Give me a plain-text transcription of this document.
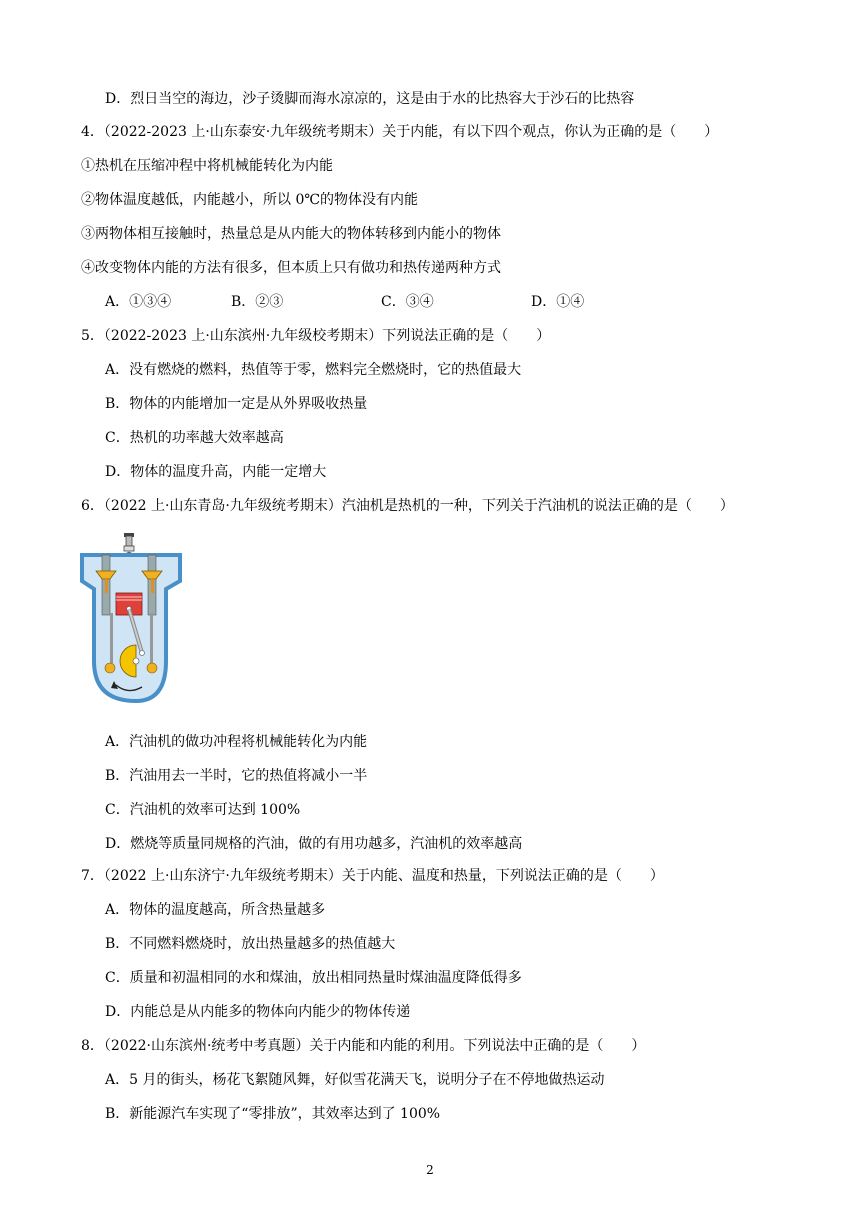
D．烈日当空的海边，沙子烫脚而海水凉凉的，这是由于水的比热容大于沙石的比热容
4．（2022-2023 上·山东泰安·九年级统考期末）关于内能，有以下四个观点，你认为正确的是（　　）
①热机在压缩冲程中将机械能转化为内能
②物体温度越低，内能越小，所以 0℃的物体没有内能
③两物体相互接触时，热量总是从内能大的物体转移到内能小的物体
④改变物体内能的方法有很多，但本质上只有做功和热传递两种方式
A．①③④	B．②③	C．③④	D．①④
5．（2022-2023 上·山东滨州·九年级校考期末）下列说法正确的是（　　）
A．没有燃烧的燃料，热值等于零，燃料完全燃烧时，它的热值最大
B．物体的内能增加一定是从外界吸收热量
C．热机的功率越大效率越高
D．物体的温度升高，内能一定增大
6．（2022 上·山东青岛·九年级统考期末）汽油机是热机的一种，下列关于汽油机的说法正确的是（　　）
A．汽油机的做功冲程将机械能转化为内能
B．汽油用去一半时，它的热值将减小一半
C．汽油机的效率可达到 100%
D．燃烧等质量同规格的汽油，做的有用功越多，汽油机的效率越高
7．（2022 上·山东济宁·九年级统考期末）关于内能、温度和热量，下列说法正确的是（　　）
A．物体的温度越高，所含热量越多
B．不同燃料燃烧时，放出热量越多的热值越大
C．质量和初温相同的水和煤油，放出相同热量时煤油温度降低得多
D．内能总是从内能多的物体向内能少的物体传递
8．（2022·山东滨州·统考中考真题）关于内能和内能的利用。下列说法中正确的是（　　）
A．5 月的街头，杨花飞絮随风舞，好似雪花满天飞，说明分子在不停地做热运动
B．新能源汽车实现了“零排放”，其效率达到了 100%
2
